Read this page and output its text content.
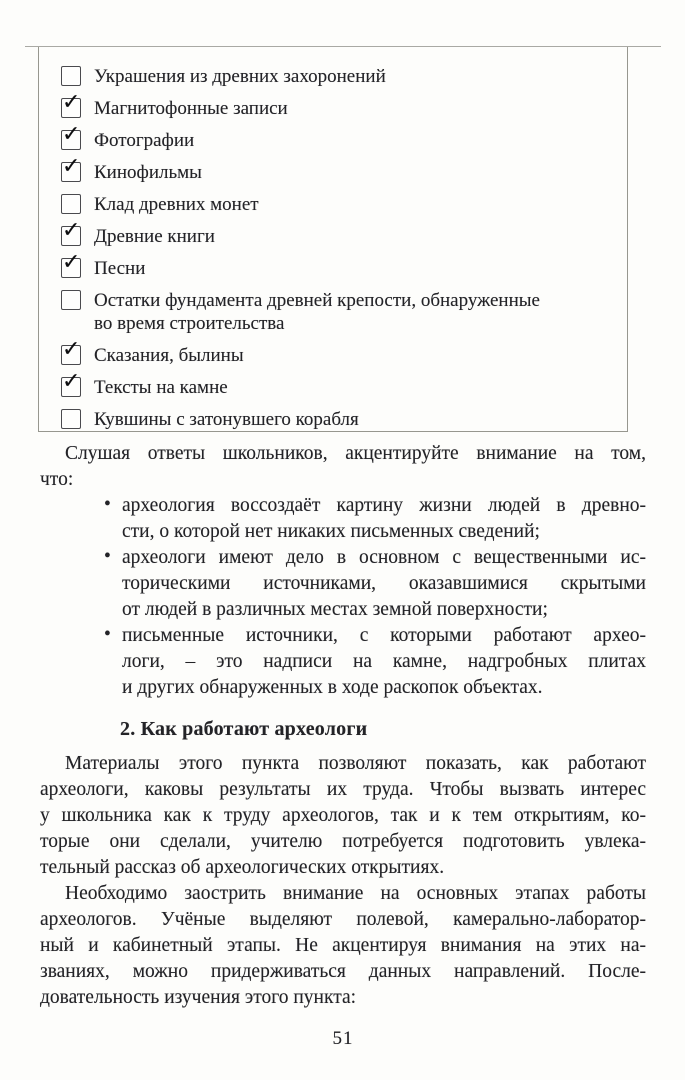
Украшения из древних захоронений
✓ Магнитофонные записи
✓ Фотографии
✓ Кинофильмы
Клад древних монет
✓ Древние книги
✓ Песни
Остатки фундамента древней крепости, обнаруженные
во время строительства
✓ Сказания, былины
✓ Тексты на камне
Кувшины с затонувшего корабля
Слушая ответы школьников, акцентируйте внимание на том,
что:
• археология воссоздаёт картину жизни людей в древно-
сти, о которой нет никаких письменных сведений;
• археологи имеют дело в основном с вещественными ис-
торическими источниками, оказавшимися скрытыми
от людей в различных местах земной поверхности;
• письменные источники, с которыми работают архео-
логи, – это надписи на камне, надгробных плитах
и других обнаруженных в ходе раскопок объектах.
2. Как работают археологи
Материалы этого пункта позволяют показать, как работают
археологи, каковы результаты их труда. Чтобы вызвать интерес
у школьника как к труду археологов, так и к тем открытиям, ко-
торые они сделали, учителю потребуется подготовить увлека-
тельный рассказ об археологических открытиях.
Необходимо заострить внимание на основных этапах работы
археологов. Учёные выделяют полевой, камерально-лаборатор-
ный и кабинетный этапы. Не акцентируя внимания на этих на-
званиях, можно придерживаться данных направлений. После-
довательность изучения этого пункта:
51
